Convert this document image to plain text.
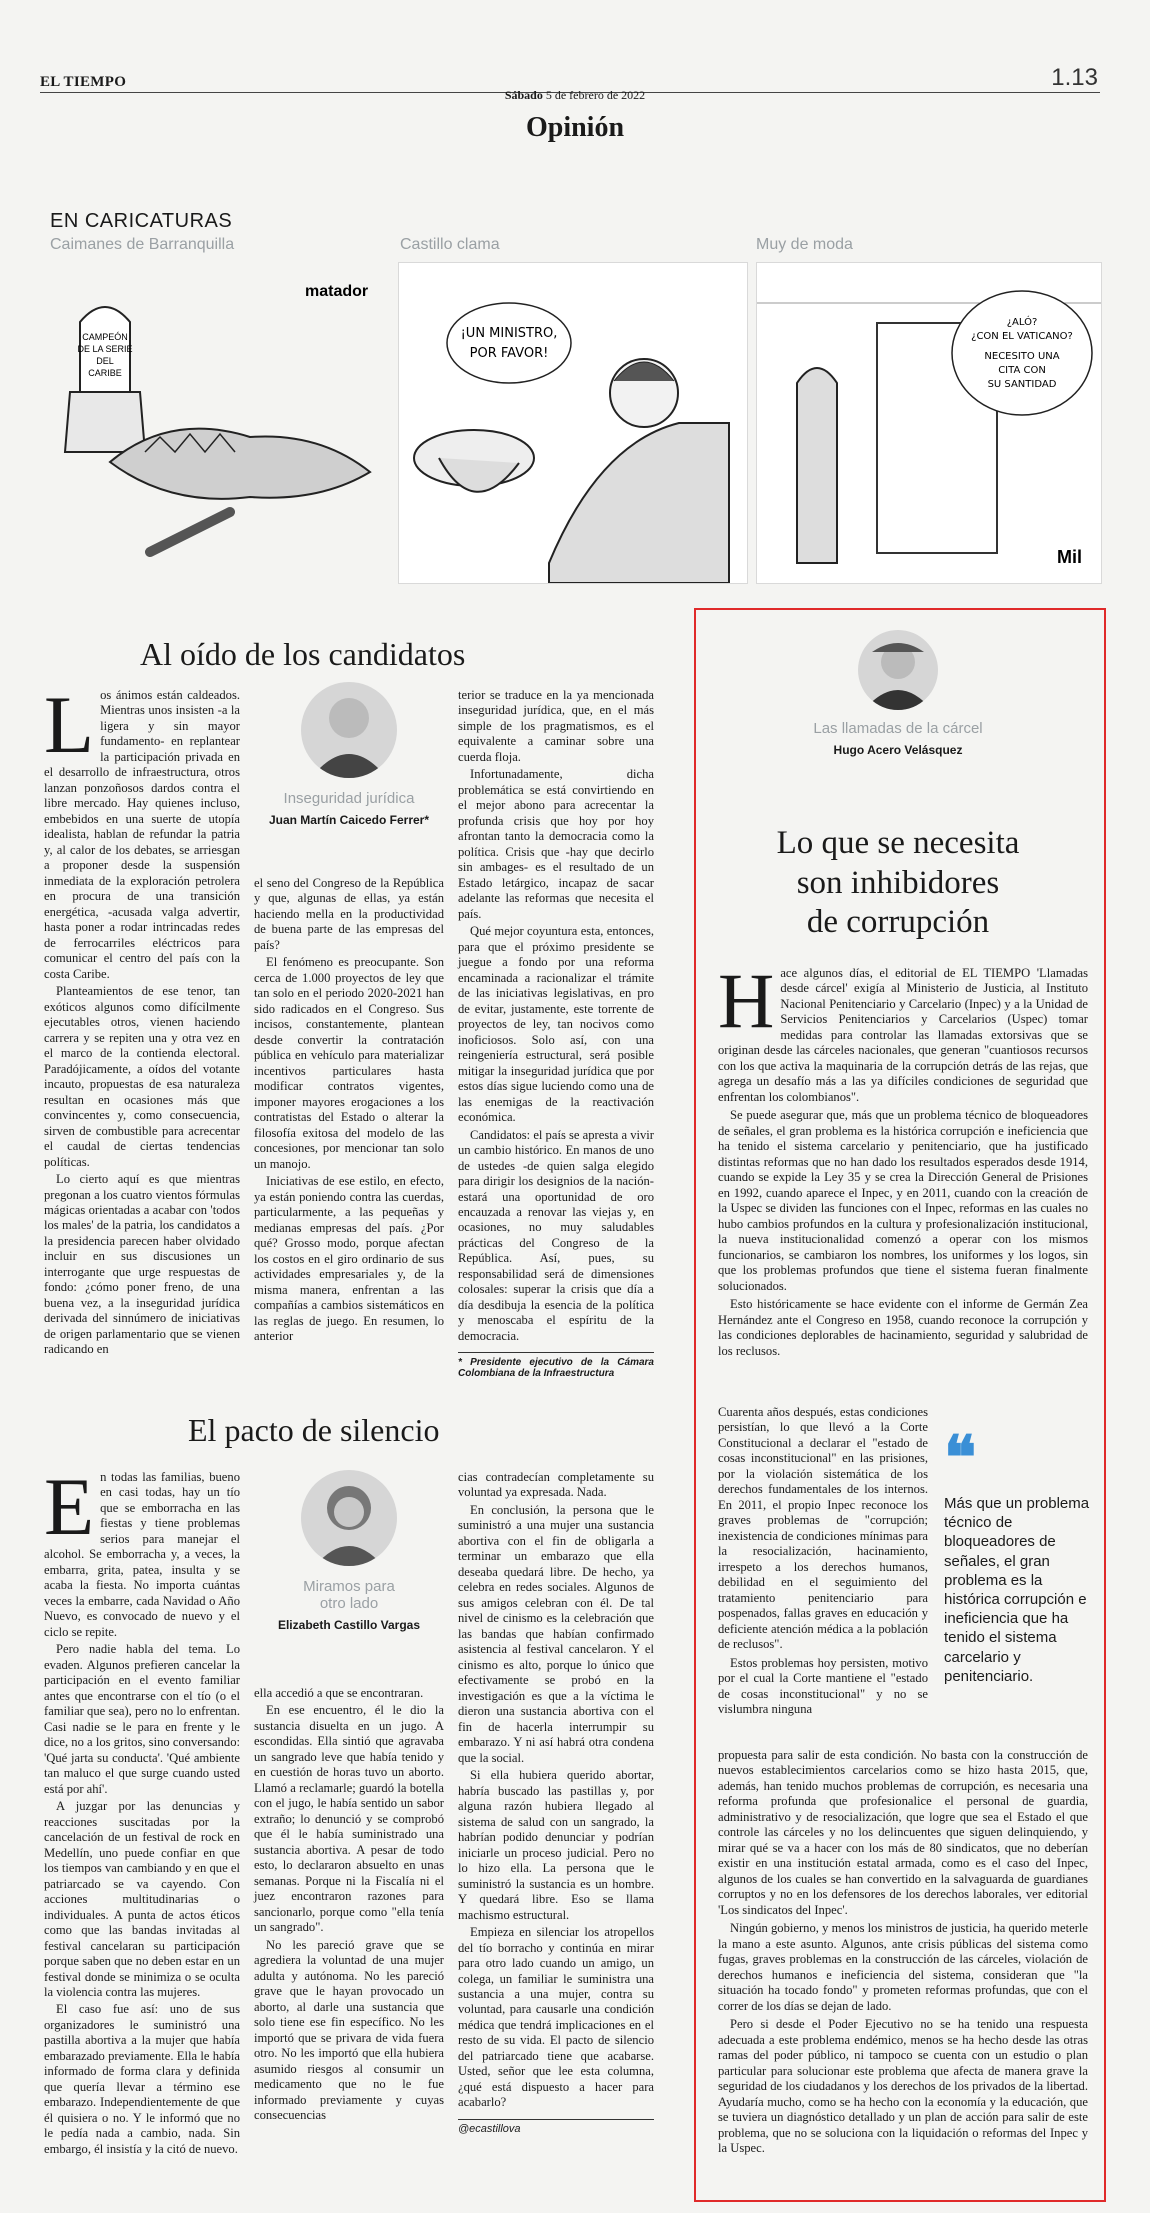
EL TIEMPO	1.13
Sábado 5 de febrero de 2022
Opinión
EN CARICATURAS
Caimanes de Barranquilla	Castillo clama	Muy de moda
matador
CAMPEÓN
DE LA SERIE
DEL
CARIBE
¡UN MINISTRO,
POR FAVOR!
¿ALÓ?
¿CON EL VATICANO?
NECESITO UNA
CITA CON
SU SANTIDAD
Mil
Al oído de los candidatos
L os ánimos están caldeados. Mientras unos insisten -a la ligera y sin mayor fundamento- en replantear la participación privada en el desarrollo de infraestructura, otros lanzan ponzoñosos dardos contra el libre mercado. Hay quienes incluso, embebidos en una suerte de utopía idealista, hablan de refundar la patria y, al calor de los debates, se arriesgan a proponer desde la suspensión inmediata de la exploración petrolera en procura de una transición energética, -acusada valga advertir, hasta poner a rodar intrincadas redes de ferrocarriles eléctricos para comunicar el centro del país con la costa Caribe.

Planteamientos de ese tenor, tan exóticos algunos como difícilmente ejecutables otros, vienen haciendo carrera y se repiten una y otra vez en el marco de la contienda electoral. Paradójicamente, a oídos del votante incauto, propuestas de esa naturaleza resultan en ocasiones más que convincentes y, como consecuencia, sirven de combustible para acrecentar el caudal de ciertas tendencias políticas.

Lo cierto aquí es que mientras pregonan a los cuatro vientos fórmulas mágicas orientadas a acabar con 'todos los males' de la patria, los candidatos a la presidencia parecen haber olvidado incluir en sus discusiones un interrogante que urge respuestas de fondo: ¿cómo poner freno, de una buena vez, a la inseguridad jurídica derivada del sinnúmero de iniciativas de origen parlamentario que se vienen radicando en

Inseguridad jurídica
Juan Martín Caicedo Ferrer*

el seno del Congreso de la República y que, algunas de ellas, ya están haciendo mella en la productividad de buena parte de las empresas del país?

El fenómeno es preocupante. Son cerca de 1.000 proyectos de ley que tan solo en el periodo 2020-2021 han sido radicados en el Congreso. Sus incisos, constantemente, plantean desde convertir la contratación pública en vehículo para materializar incentivos particulares hasta modificar contratos vigentes, imponer mayores erogaciones a los contratistas del Estado o alterar la filosofía exitosa del modelo de las concesiones, por mencionar tan solo un manojo.

Iniciativas de ese estilo, en efecto, ya están poniendo contra las cuerdas, particularmente, a las pequeñas y medianas empresas del país. ¿Por qué? Grosso modo, porque afectan los costos en el giro ordinario de sus actividades empresariales y, de la misma manera, enfrentan a las compañías a cambios sistemáticos en las reglas de juego. En resumen, lo anterior

terior se traduce en la ya mencionada inseguridad jurídica, que, en el más simple de los pragmatismos, es el equivalente a caminar sobre una cuerda floja.

Infortunadamente, dicha problemática se está convirtiendo en el mejor abono para acrecentar la profunda crisis que hoy por hoy afrontan tanto la democracia como la política. Crisis que -hay que decirlo sin ambages- es el resultado de un Estado letárgico, incapaz de sacar adelante las reformas que necesita el país.

Qué mejor coyuntura esta, entonces, para que el próximo presidente se juegue a fondo por una reforma encaminada a racionalizar el trámite de las iniciativas legislativas, en pro de evitar, justamente, este torrente de proyectos de ley, tan nocivos como inoficiosos. Solo así, con una reingeniería estructural, será posible mitigar la inseguridad jurídica que por estos días sigue luciendo como una de las enemigas de la reactivación económica.

Candidatos: el país se apresta a vivir un cambio histórico. En manos de uno de ustedes -de quien salga elegido para dirigir los designios de la nación- estará una oportunidad de oro encauzada a renovar las viejas y, en ocasiones, no muy saludables prácticas del Congreso de la República. Así, pues, su responsabilidad será de dimensiones colosales: superar la crisis que día a día desdibuja la esencia de la política y menoscaba el espíritu de la democracia.

* Presidente ejecutivo de la Cámara Colombiana de la Infraestructura
El pacto de silencio
E n todas las familias, bueno en casi todas, hay un tío que se emborracha en las fiestas y tiene problemas serios para manejar el alcohol. Se emborracha y, a veces, la embarra, grita, patea, insulta y se acaba la fiesta. No importa cuántas veces la embarre, cada Navidad o Año Nuevo, es convocado de nuevo y el ciclo se repite.

Pero nadie habla del tema. Lo evaden. Algunos prefieren cancelar la participación en el evento familiar antes que encontrarse con el tío (o el familiar que sea), pero no lo enfrentan. Casi nadie se le para en frente y le dice, no a los gritos, sino conversando: 'Qué jarta su conducta'. 'Qué ambiente tan maluco el que surge cuando usted está por ahí'.

A juzgar por las denuncias y reacciones suscitadas por la cancelación de un festival de rock en Medellín, uno puede confiar en que los tiempos van cambiando y en que el patriarcado se va cayendo. Con acciones multitudinarias o individuales. A punta de actos éticos como que las bandas invitadas al festival cancelaran su participación porque saben que no deben estar en un festival donde se minimiza o se oculta la violencia contra las mujeres.

El caso fue así: uno de sus organizadores le suministró una pastilla abortiva a la mujer que había embarazado previamente. Ella le había informado de forma clara y definida que quería llevar a término ese embarazo. Independientemente de que él quisiera o no. Y le informó que no le pedía nada a cambio, nada. Sin embargo, él insistía y la citó de nuevo.

Miramos para otro lado
Elizabeth Castillo Vargas

ella accedió a que se encontraran.

En ese encuentro, él le dio la sustancia disuelta en un jugo. A escondidas. Ella sintió que agravaba un sangrado leve que había tenido y en cuestión de horas tuvo un aborto. Llamó a reclamarle; guardó la botella con el jugo, le había sentido un sabor extraño; lo denunció y se comprobó que él le había suministrado una sustancia abortiva. A pesar de todo esto, lo declararon absuelto en unas semanas. Porque ni la Fiscalía ni el juez encontraron razones para sancionarlo, porque como "ella tenía un sangrado".

No les pareció grave que se agrediera la voluntad de una mujer adulta y autónoma. No les pareció grave que le hayan provocado un aborto, al darle una sustancia que solo tiene ese fin específico. No les importó que se privara de vida fuera otro. No les importó que ella hubiera asumido riesgos al consumir un medicamento que no le fue informado previamente y cuyas consecuencias

cias contradecían completamente su voluntad ya expresada. Nada.

En conclusión, la persona que le suministró a una mujer una sustancia abortiva con el fin de obligarla a terminar un embarazo que ella deseaba quedará libre. De hecho, ya celebra en redes sociales. Algunos de sus amigos celebran con él. De tal nivel de cinismo es la celebración que las bandas que habían confirmado asistencia al festival cancelaron. Y el cinismo es alto, porque lo único que efectivamente se probó en la investigación es que a la víctima le dieron una sustancia abortiva con el fin de hacerla interrumpir su embarazo. Y ni así habrá otra condena que la social.

Si ella hubiera querido abortar, habría buscado las pastillas y, por alguna razón hubiera llegado al sistema de salud con un sangrado, la habrían podido denunciar y podrían iniciarle un proceso judicial. Pero no lo hizo ella. La persona que le suministró la sustancia es un hombre. Y quedará libre. Eso se llama machismo estructural.

Empieza en silenciar los atropellos del tío borracho y continúa en mirar para otro lado cuando un amigo, un colega, un familiar le suministra una sustancia a una mujer, contra su voluntad, para causarle una condición médica que tendrá implicaciones en el resto de su vida. El pacto de silencio del patriarcado tiene que acabarse. Usted, señor que lee esta columna, ¿qué está dispuesto a hacer para acabarlo?

@ecastillova
Las llamadas de la cárcel
Hugo Acero Velásquez
Lo que se necesita
son inhibidores
de corrupción
H ace algunos días, el editorial de EL TIEMPO 'Llamadas desde cárcel' exigía al Ministerio de Justicia, al Instituto Nacional Penitenciario y Carcelario (Inpec) y a la Unidad de Servicios Penitenciarios y Carcelarios (Uspec) tomar medidas para controlar las llamadas extorsivas que se originan desde las cárceles nacionales, que generan "cuantiosos recursos con los que activa la maquinaria de la corrupción detrás de las rejas, que agrega un desafío más a las ya difíciles condiciones de seguridad que enfrentan los colombianos".

Se puede asegurar que, más que un problema técnico de bloqueadores de señales, el gran problema es la histórica corrupción e ineficiencia que ha tenido el sistema carcelario y penitenciario, que ha justificado distintas reformas que no han dado los resultados esperados desde 1914, cuando se expide la Ley 35 y se crea la Dirección General de Prisiones en 1992, cuando aparece el Inpec, y en 2011, cuando con la creación de la Uspec se dividen las funciones con el Inpec, reformas en las cuales no hubo cambios profundos en la cultura y profesionalización institucional, la nueva institucionalidad comenzó a operar con los mismos funcionarios, se cambiaron los nombres, los uniformes y los logos, sin que los problemas profundos que tiene el sistema fueran finalmente solucionados.

Esto históricamente se hace evidente con el informe de Germán Zea Hernández ante el Congreso en 1958, cuando reconoce la corrupción y las condiciones deplorables de hacinamiento, seguridad y salubridad de los reclusos.

Cuarenta años después, estas condiciones persistían, lo que llevó a la Corte Constitucional a declarar el "estado de cosas inconstitucional" en las prisiones, por la violación sistemática de los derechos fundamentales de los internos. En 2011, el propio Inpec reconoce los graves problemas de "corrupción; inexistencia de condiciones mínimas para la resocialización, hacinamiento, irrespeto a los derechos humanos, debilidad en el seguimiento del tratamiento penitenciario para pospenados, fallas graves en educación y deficiente atención médica a la población de reclusos".

Estos problemas hoy persisten, motivo por el cual la Corte mantiene el "estado de cosas inconstitucional" y no se vislumbra ninguna

❝
Más que un problema técnico de bloqueadores de señales, el gran problema es la histórica corrupción e ineficiencia que ha tenido el sistema carcelario y penitenciario.

propuesta para salir de esta condición. No basta con la construcción de nuevos establecimientos carcelarios como se hizo hasta 2015, que, además, han tenido muchos problemas de corrupción, es necesaria una reforma profunda que profesionalice el personal de guardia, administrativo y de resocialización, que logre que sea el Estado el que controle las cárceles y no los delincuentes que siguen delinquiendo, y mirar qué se va a hacer con los más de 80 sindicatos, que no deberían existir en una institución estatal armada, como es el caso del Inpec, algunos de los cuales se han convertido en la salvaguarda de guardianes corruptos y no en los defensores de los derechos laborales, ver editorial 'Los sindicatos del Inpec'.

Ningún gobierno, y menos los ministros de justicia, ha querido meterle la mano a este asunto. Algunos, ante crisis públicas del sistema como fugas, graves problemas en la construcción de las cárceles, violación de derechos humanos e ineficiencia del sistema, consideran que "la situación ha tocado fondo" y prometen reformas profundas, que con el correr de los días se dejan de lado.

Pero si desde el Poder Ejecutivo no se ha tenido una respuesta adecuada a este problema endémico, menos se ha hecho desde las otras ramas del poder público, ni tampoco se cuenta con un estudio o plan particular para solucionar este problema que afecta de manera grave la seguridad de los ciudadanos y los derechos de los privados de la libertad. Ayudaría mucho, como se ha hecho con la economía y la educación, que se tuviera un diagnóstico detallado y un plan de acción para salir de este problema, que no se soluciona con la liquidación o reformas del Inpec y la Uspec.
